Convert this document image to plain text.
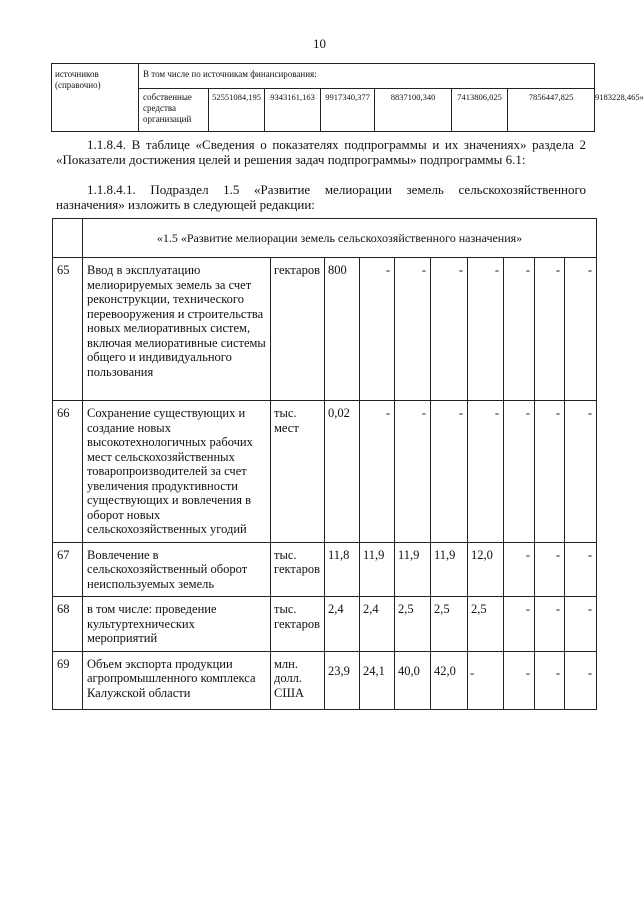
10
источников (справочно)	В том числе по источникам финансирования:							
	собственные средства организаций	52551084,195	9343161,163	9917340,377	8837100,340	7413806,025	7856447,825	9183228,465»

1.1.8.4. В таблице «Сведения о показателях подпрограммы и их значениях» раздела 2 «Показатели достижения целей и решения задач подпрограммы» подпрограммы 6.1:

1.1.8.4.1. Подраздел 1.5 «Развитие мелиорации земель сельскохозяйственного назначения» изложить в следующей редакции:

	«1.5 «Развитие мелиорации земель сельскохозяйственного назначения»									
65	Ввод в эксплуатацию мелиорируемых земель за счет реконструкции, технического перевооружения и строительства новых мелиоративных систем, включая мелиоративные системы общего и индивидуального пользования	гектаров	800	-	-	-	-	-	-	-
66	Сохранение существующих и создание новых высокотехнологичных рабочих мест сельскохозяйственных товаропроизводителей за счет увеличения продуктивности существующих и вовлечения в оборот новых сельскохозяйственных угодий	тыс. мест	0,02	-	-	-	-	-	-	-
67	Вовлечение в сельскохозяйственный оборот неиспользуемых земель	тыс. гектаров	11,8	11,9	11,9	11,9	12,0	-	-	-
68	в том числе: проведение культуртехнических мероприятий	тыс. гектаров	2,4	2,4	2,5	2,5	2,5	-	-	-
69	Объем экспорта продукции агропромышленного комплекса Калужской области	млн. долл. США	23,9	24,1	40,0	42,0	-	-	-	-
